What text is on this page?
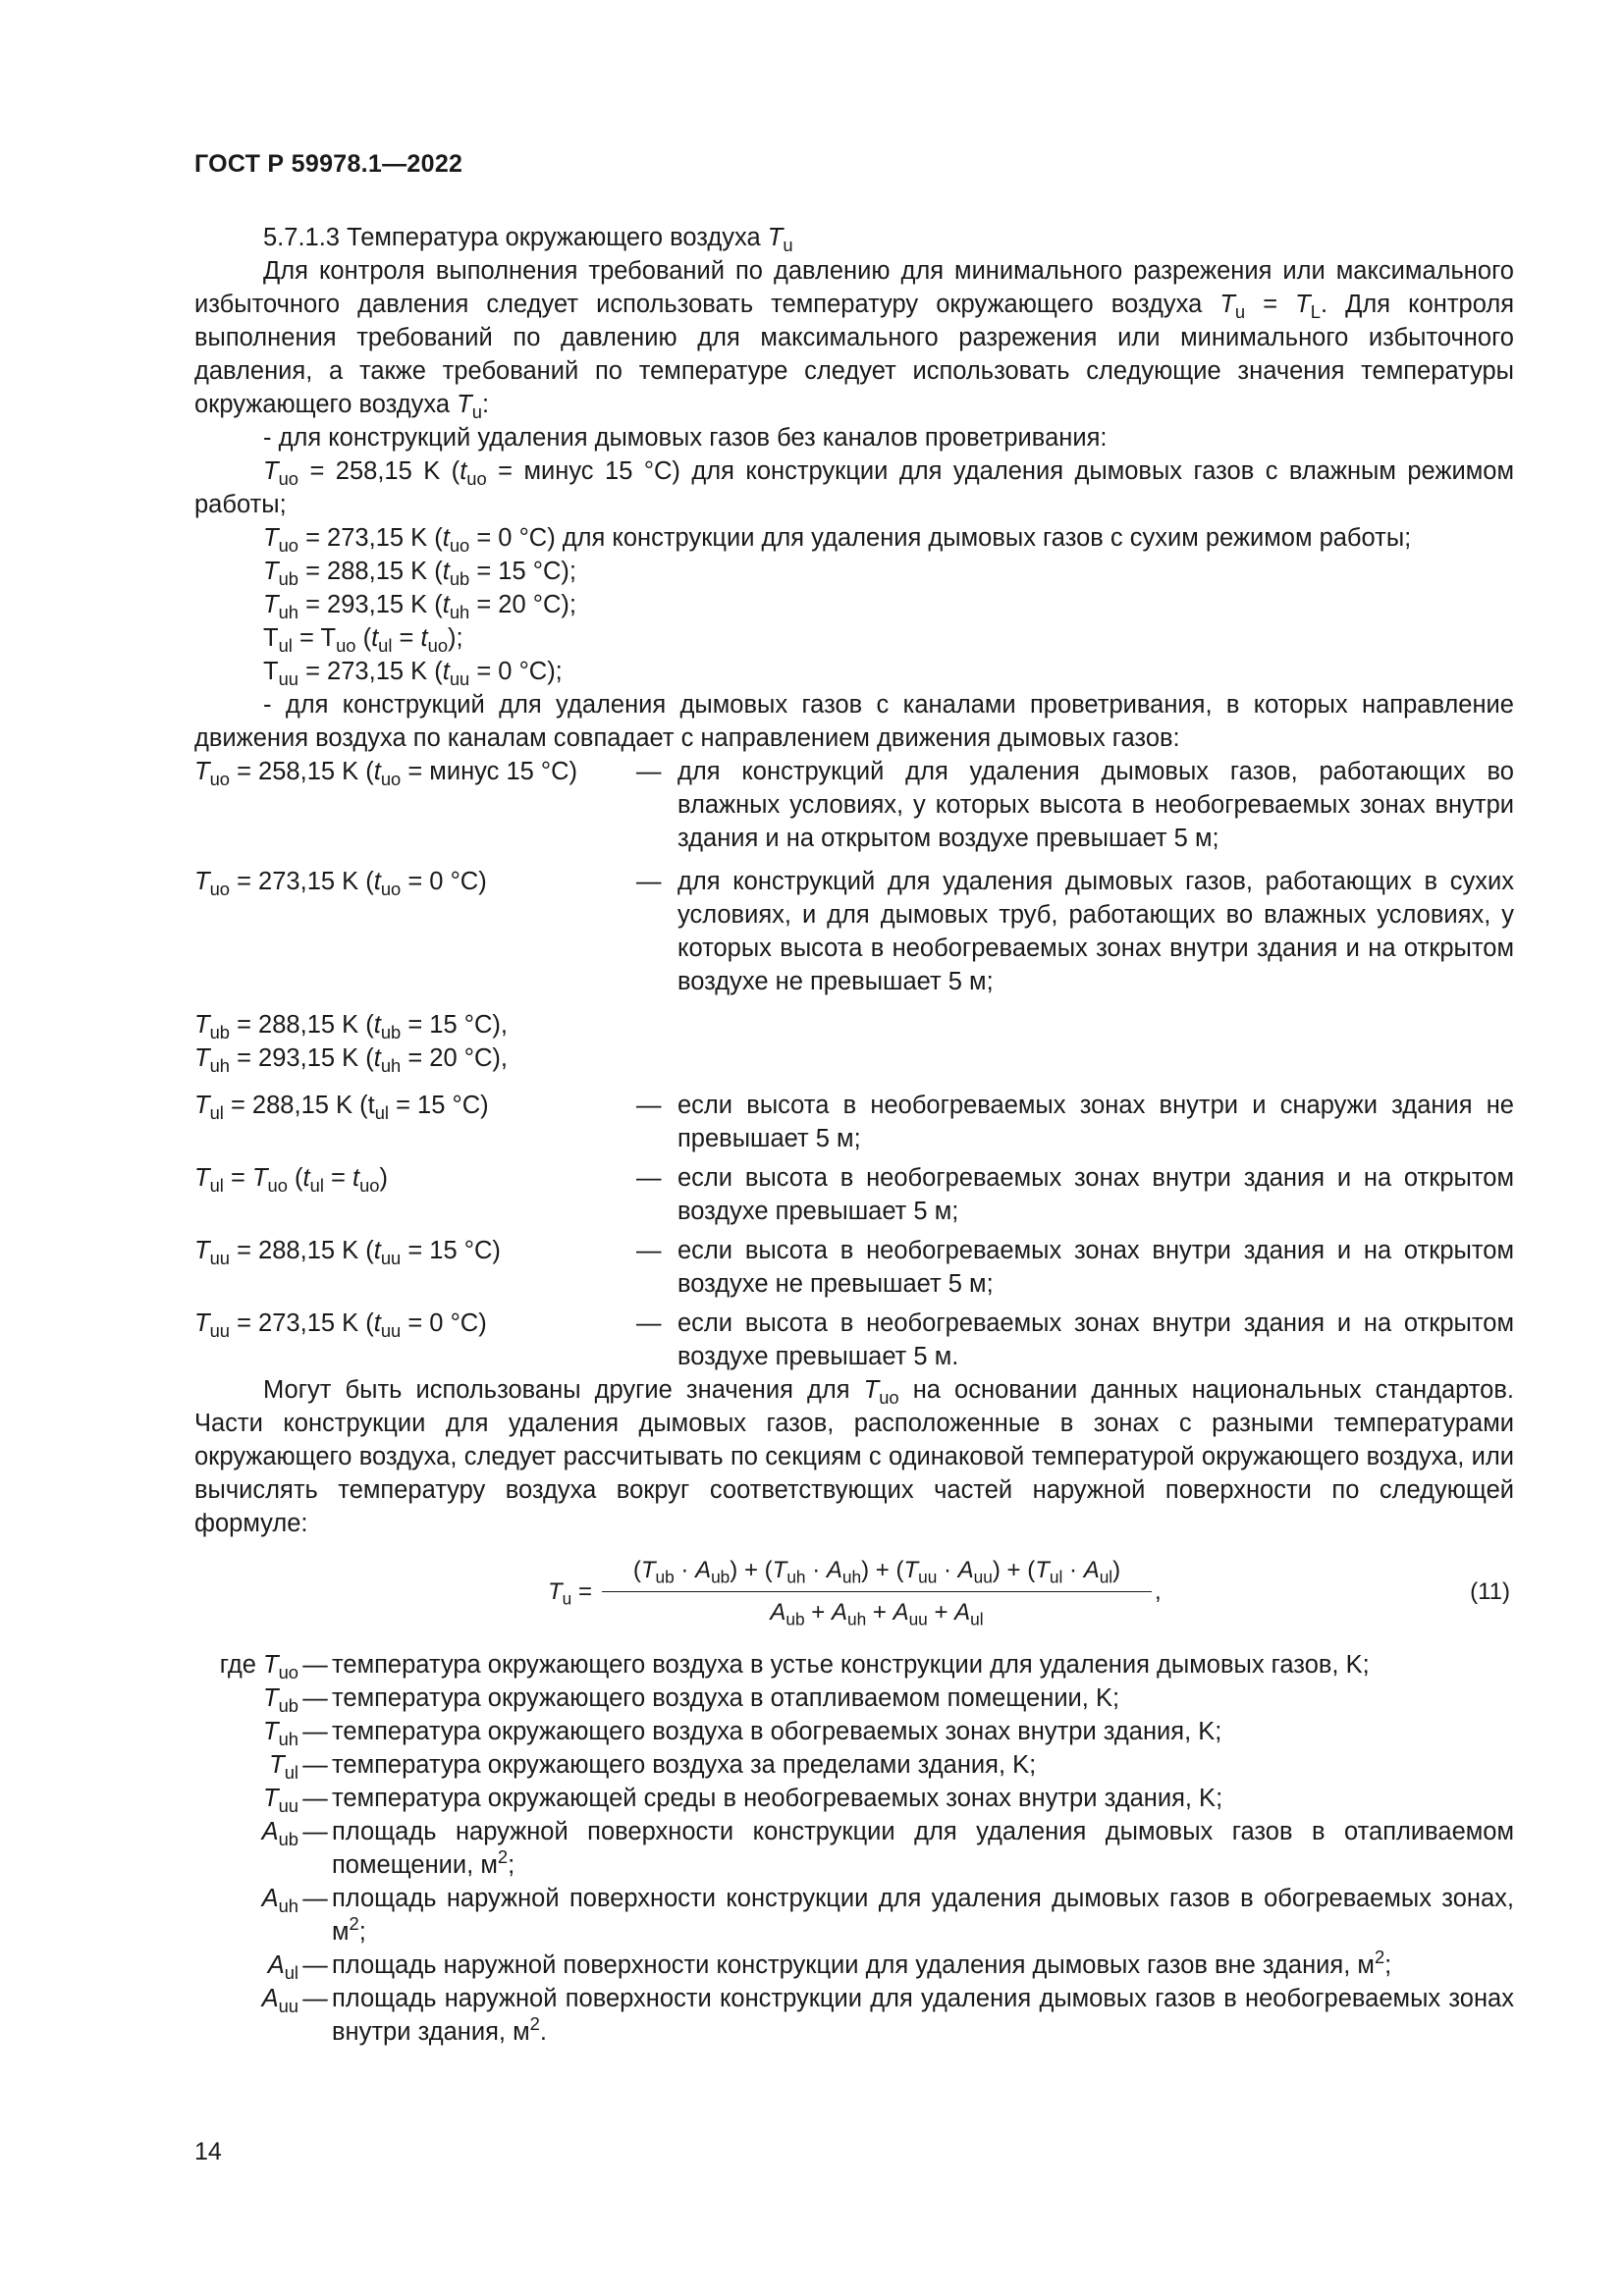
ГОСТ Р 59978.1—2022

5.7.1.3 Температура окружающего воздуха $T_u$

Для контроля выполнения требований по давлению для минимального разрежения или максимального избыточного давления следует использовать температуру окружающего воздуха $T_u = T_L$. Для контроля выполнения требований по давлению для максимального разрежения или минимального избыточного давления, а также требований по температуре следует использовать следующие значения температуры окружающего воздуха $T_u$:

- для конструкций удаления дымовых газов без каналов проветривания:

$T_{uo} = 258,15$ K ($t_{uo}$ = минус 15 °C) для конструкции для удаления дымовых газов с влажным режимом работы;

$T_{uo} = 273,15$ K ($t_{uo} = 0$ °C) для конструкции для удаления дымовых газов с сухим режимом работы;

$T_{ub} = 288,15$ K ($t_{ub} = 15$ °C);

$T_{uh} = 293,15$ K ($t_{uh} = 20$ °C);

$T_{ul} = T_{uo}$ $(t_{ul} = t_{uo})$;

$T_{uu} = 273,15$ K ($t_{uu} = 0$ °C);

- для конструкций для удаления дымовых газов с каналами проветривания, в которых направление движения воздуха по каналам совпадает с направлением движения дымовых газов:

$T_{uo} = 258,15$ K ($t_{uo}$ = минус 15 °C)	— для конструкций для удаления дымовых газов, работающих во влажных условиях, у которых высота в необогреваемых зонах внутри здания и на открытом воздухе превышает 5 м;
$T_{uo} = 273,15$ K ($t_{uo} = 0$ °C)	— для конструкций для удаления дымовых газов, работающих в сухих условиях, и для дымовых труб, работающих во влажных условиях, у которых высота в необогреваемых зонах внутри здания и на открытом воздухе не превышает 5 м;
$T_{ub} = 288,15$ K ($t_{ub} = 15$ °C),
$T_{uh} = 293,15$ K ($t_{uh} = 20$ °C),
$T_{ul} = 288,15$ K ($t_{ul} = 15$ °C)	— если высота в необогреваемых зонах внутри и снаружи здания не превышает 5 м;
$T_{ul} = T_{uo}$ $(t_{ul} = t_{uo})$	— если высота в необогреваемых зонах внутри здания и на открытом воздухе превышает 5 м;
$T_{uu} = 288,15$ K ($t_{uu} = 15$ °C)	— если высота в необогреваемых зонах внутри здания и на открытом воздухе не превышает 5 м;
$T_{uu} = 273,15$ K ($t_{uu} = 0$ °C)	— если высота в необогреваемых зонах внутри здания и на открытом воздухе превышает 5 м.

Могут быть использованы другие значения для $T_{uo}$ на основании данных национальных стандартов. Части конструкции для удаления дымовых газов, расположенные в зонах с разными температурами окружающего воздуха, следует рассчитывать по секциям с одинаковой температурой окружающего воздуха, или вычислять температуру воздуха вокруг соответствующих частей наружной поверхности по следующей формуле:

$T_u$ =
$(T_{ub} \cdot A_{ub}) + (T_{uh} \cdot A_{uh}) + (T_{uu} \cdot A_{uu}) + (T_{ul} \cdot A_{ul})$
$A_{ub} + A_{uh} + A_{uu} + A_{ul}$
,	(11)
где $T_{uo}$ — температура окружающего воздуха в устье конструкции для удаления дымовых газов, K;
$T_{ub}$ — температура окружающего воздуха в отапливаемом помещении, K;
$T_{uh}$ — температура окружающего воздуха в обогреваемых зонах внутри здания, K;
$T_{ul}$ — температура окружающего воздуха за пределами здания, K;
$T_{uu}$ — температура окружающей среды в необогреваемых зонах внутри здания, K;
$A_{ub}$ — площадь наружной поверхности конструкции для удаления дымовых газов в отапливаемом помещении, $м^2$;
$A_{uh}$ — площадь наружной поверхности конструкции для удаления дымовых газов в обогреваемых зонах, $м^2$;
$A_{ul}$ — площадь наружной поверхности конструкции для удаления дымовых газов вне здания, $м^2$;
$A_{uu}$ — площадь наружной поверхности конструкции для удаления дымовых газов в необогреваемых зонах внутри здания, $м^2$.
14
